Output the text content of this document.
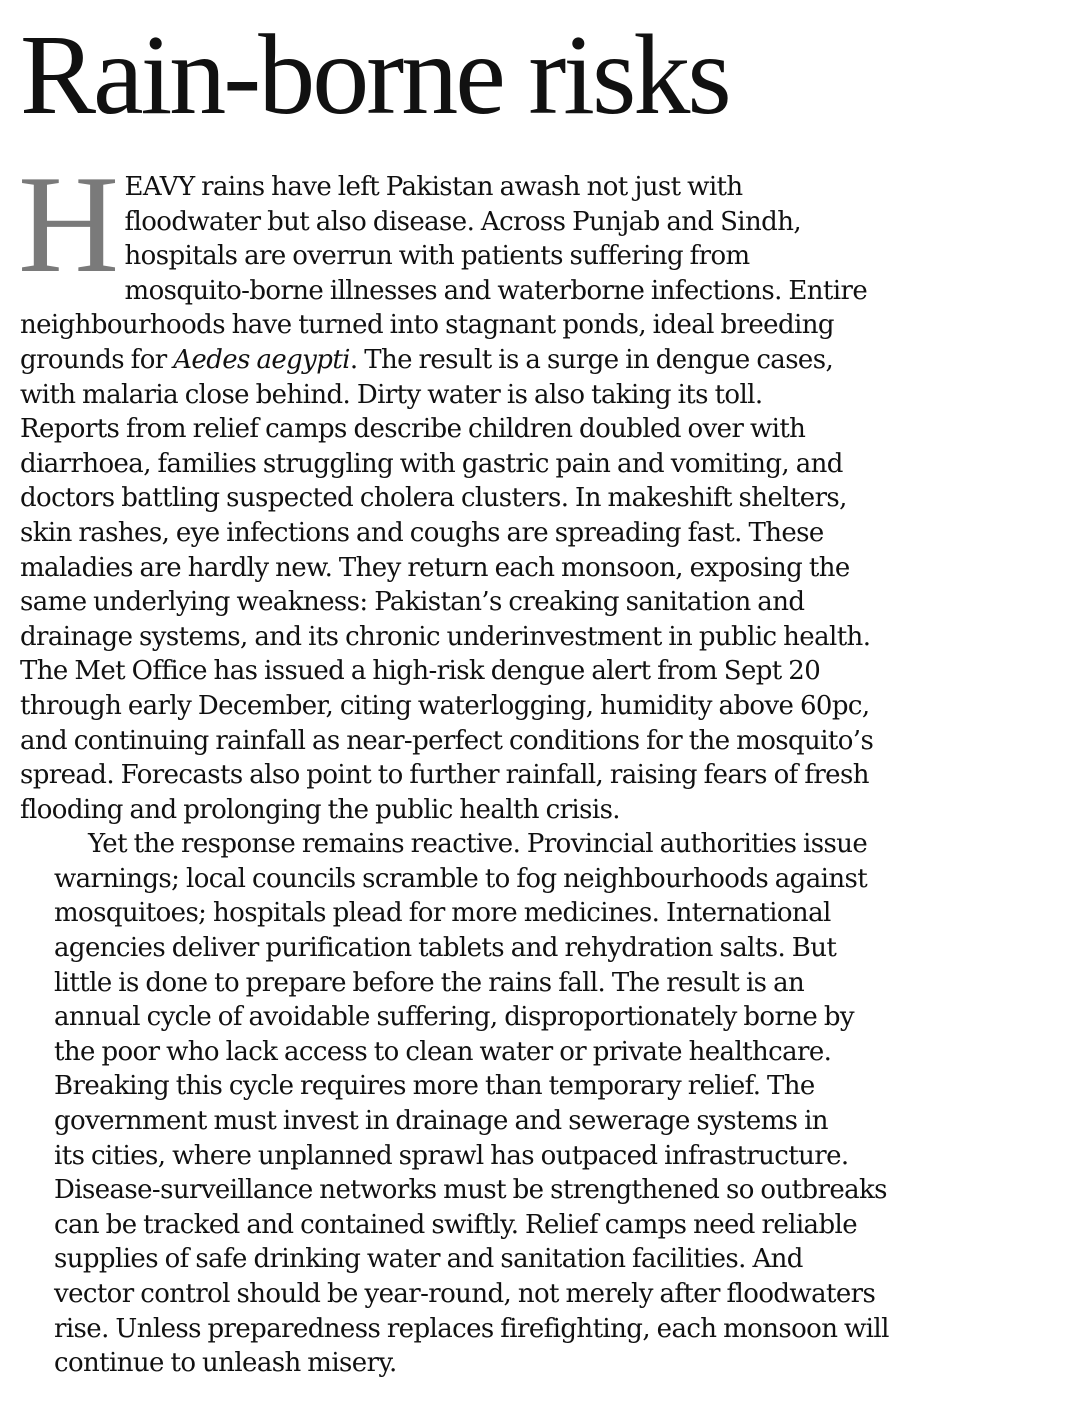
Rain-borne risks

H EAVY rains have left Pakistan awash not just with
floodwater but also disease. Across Punjab and Sindh,
hospitals are overrun with patients suffering from
mosquito-borne illnesses and waterborne infections. Entire
neighbourhoods have turned into stagnant ponds, ideal breeding
grounds for Aedes aegypti. The result is a surge in dengue cases,
with malaria close behind. Dirty water is also taking its toll.
Reports from relief camps describe children doubled over with
diarrhoea, families struggling with gastric pain and vomiting, and
doctors battling suspected cholera clusters. In makeshift shelters,
skin rashes, eye infections and coughs are spreading fast. These
maladies are hardly new. They return each monsoon, exposing the
same underlying weakness: Pakistan’s creaking sanitation and
drainage systems, and its chronic underinvestment in public health.
The Met Office has issued a high-risk dengue alert from Sept 20
through early December, citing waterlogging, humidity above 60pc,
and continuing rainfall as near-perfect conditions for the mosquito’s
spread. Forecasts also point to further rainfall, raising fears of fresh
flooding and prolonging the public health crisis.

Yet the response remains reactive. Provincial authorities issue
warnings; local councils scramble to fog neighbourhoods against
mosquitoes; hospitals plead for more medicines. International
agencies deliver purification tablets and rehydration salts. But
little is done to prepare before the rains fall. The result is an
annual cycle of avoidable suffering, disproportionately borne by
the poor who lack access to clean water or private healthcare.
Breaking this cycle requires more than temporary relief. The
government must invest in drainage and sewerage systems in
its cities, where unplanned sprawl has outpaced infrastructure.
Disease-surveillance networks must be strengthened so outbreaks
can be tracked and contained swiftly. Relief camps need reliable
supplies of safe drinking water and sanitation facilities. And
vector control should be year-round, not merely after floodwaters
rise. Unless preparedness replaces firefighting, each monsoon will
continue to unleash misery.
